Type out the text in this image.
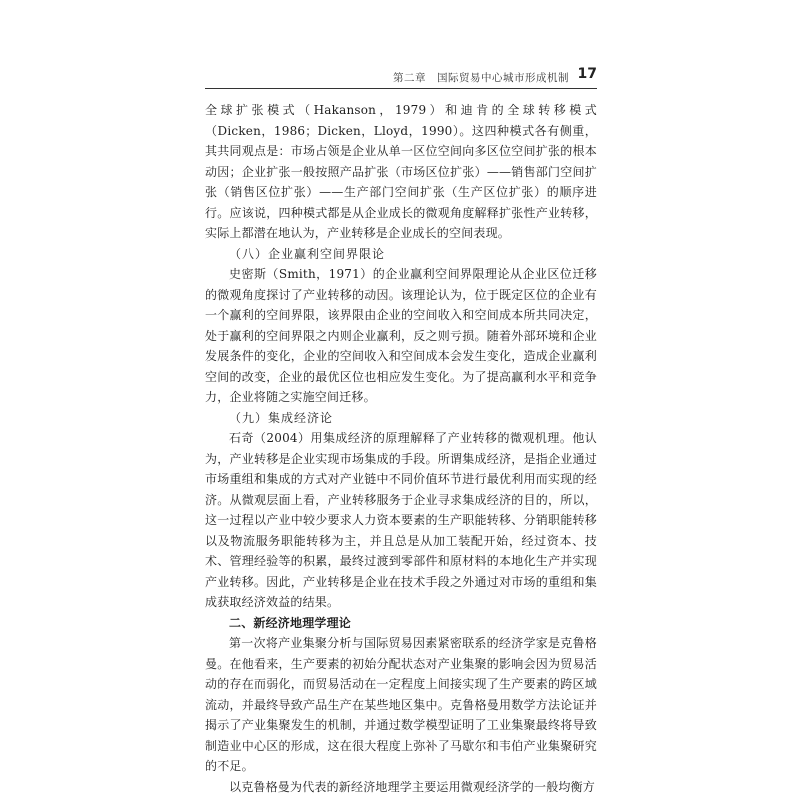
第二章　国际贸易中心城市形成机制 17

全球扩张模式（Hakanson，1979）和迪肯的全球转移模式（Dicken，1986；Dicken，Lloyd，1990）。这四种模式各有侧重，其共同观点是：市场占领是企业从单一区位空间向多区位空间扩张的根本动因；企业扩张一般按照产品扩张（市场区位扩张）——销售部门空间扩张（销售区位扩张）——生产部门空间扩张（生产区位扩张）的顺序进行。应该说，四种模式都是从企业成长的微观角度解释扩张性产业转移，实际上都潜在地认为，产业转移是企业成长的空间表现。

（八）企业赢利空间界限论

史密斯（Smith，1971）的企业赢利空间界限理论从企业区位迁移的微观角度探讨了产业转移的动因。该理论认为，位于既定区位的企业有一个赢利的空间界限，该界限由企业的空间收入和空间成本所共同决定，处于赢利的空间界限之内则企业赢利，反之则亏损。随着外部环境和企业发展条件的变化，企业的空间收入和空间成本会发生变化，造成企业赢利空间的改变，企业的最优区位也相应发生变化。为了提高赢利水平和竞争力，企业将随之实施空间迁移。

（九）集成经济论

石奇（2004）用集成经济的原理解释了产业转移的微观机理。他认为，产业转移是企业实现市场集成的手段。所谓集成经济，是指企业通过市场重组和集成的方式对产业链中不同价值环节进行最优利用而实现的经济。从微观层面上看，产业转移服务于企业寻求集成经济的目的，所以，这一过程以产业中较少要求人力资本要素的生产职能转移、分销职能转移以及物流服务职能转移为主，并且总是从加工装配开始，经过资本、技术、管理经验等的积累，最终过渡到零部件和原材料的本地化生产并实现产业转移。因此，产业转移是企业在技术手段之外通过对市场的重组和集成获取经济效益的结果。

二、新经济地理学理论

第一次将产业集聚分析与国际贸易因素紧密联系的经济学家是克鲁格曼。在他看来，生产要素的初始分配状态对产业集聚的影响会因为贸易活动的存在而弱化，而贸易活动在一定程度上间接实现了生产要素的跨区域流动，并最终导致产品生产在某些地区集中。克鲁格曼用数学方法论证并揭示了产业集聚发生的机制，并通过数学模型证明了工业集聚最终将导致制造业中心区的形成，这在很大程度上弥补了马歇尔和韦伯产业集聚研究的不足。

以克鲁格曼为代表的新经济地理学主要运用微观经济学的一般均衡方
